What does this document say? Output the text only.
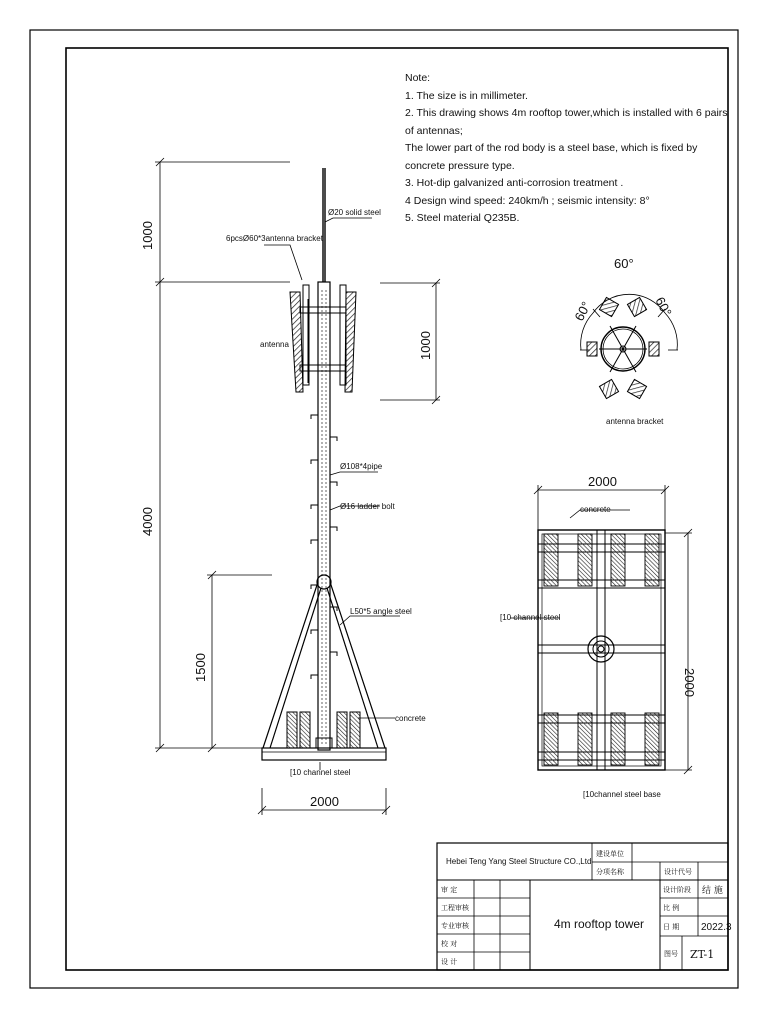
1000
4000
1500
1000
2000
Ø20 solid steel
6pcsØ60*3antenna bracket
antenna
Ø108*4pipe
Ø16 ladder bolt
L50*5 angle steel
concrete
[10 channel steel
60°
60°	60°
antenna bracket
2000
2000
concrete
[10 channel steel
[10channel steel base
Hebei Teng Yang Steel Structure CO.,Ltd
建设单位
分项名称	设计代号
设计阶段 结 施
比 例
日 期 2022.3
图号 ZT-1
审 定
工程审核
专业审核
校 对
设 计
4m rooftop tower
Note:
1. The size is in millimeter.
2. This drawing shows 4m rooftop tower,which is installed with 6 pairs of antennas;
The lower part of the rod body is a steel base, which is fixed by concrete pressure type.
3. Hot-dip galvanized anti-corrosion treatment .
4 Design wind speed: 240km/h ; seismic intensity: 8°
5. Steel material Q235B.
